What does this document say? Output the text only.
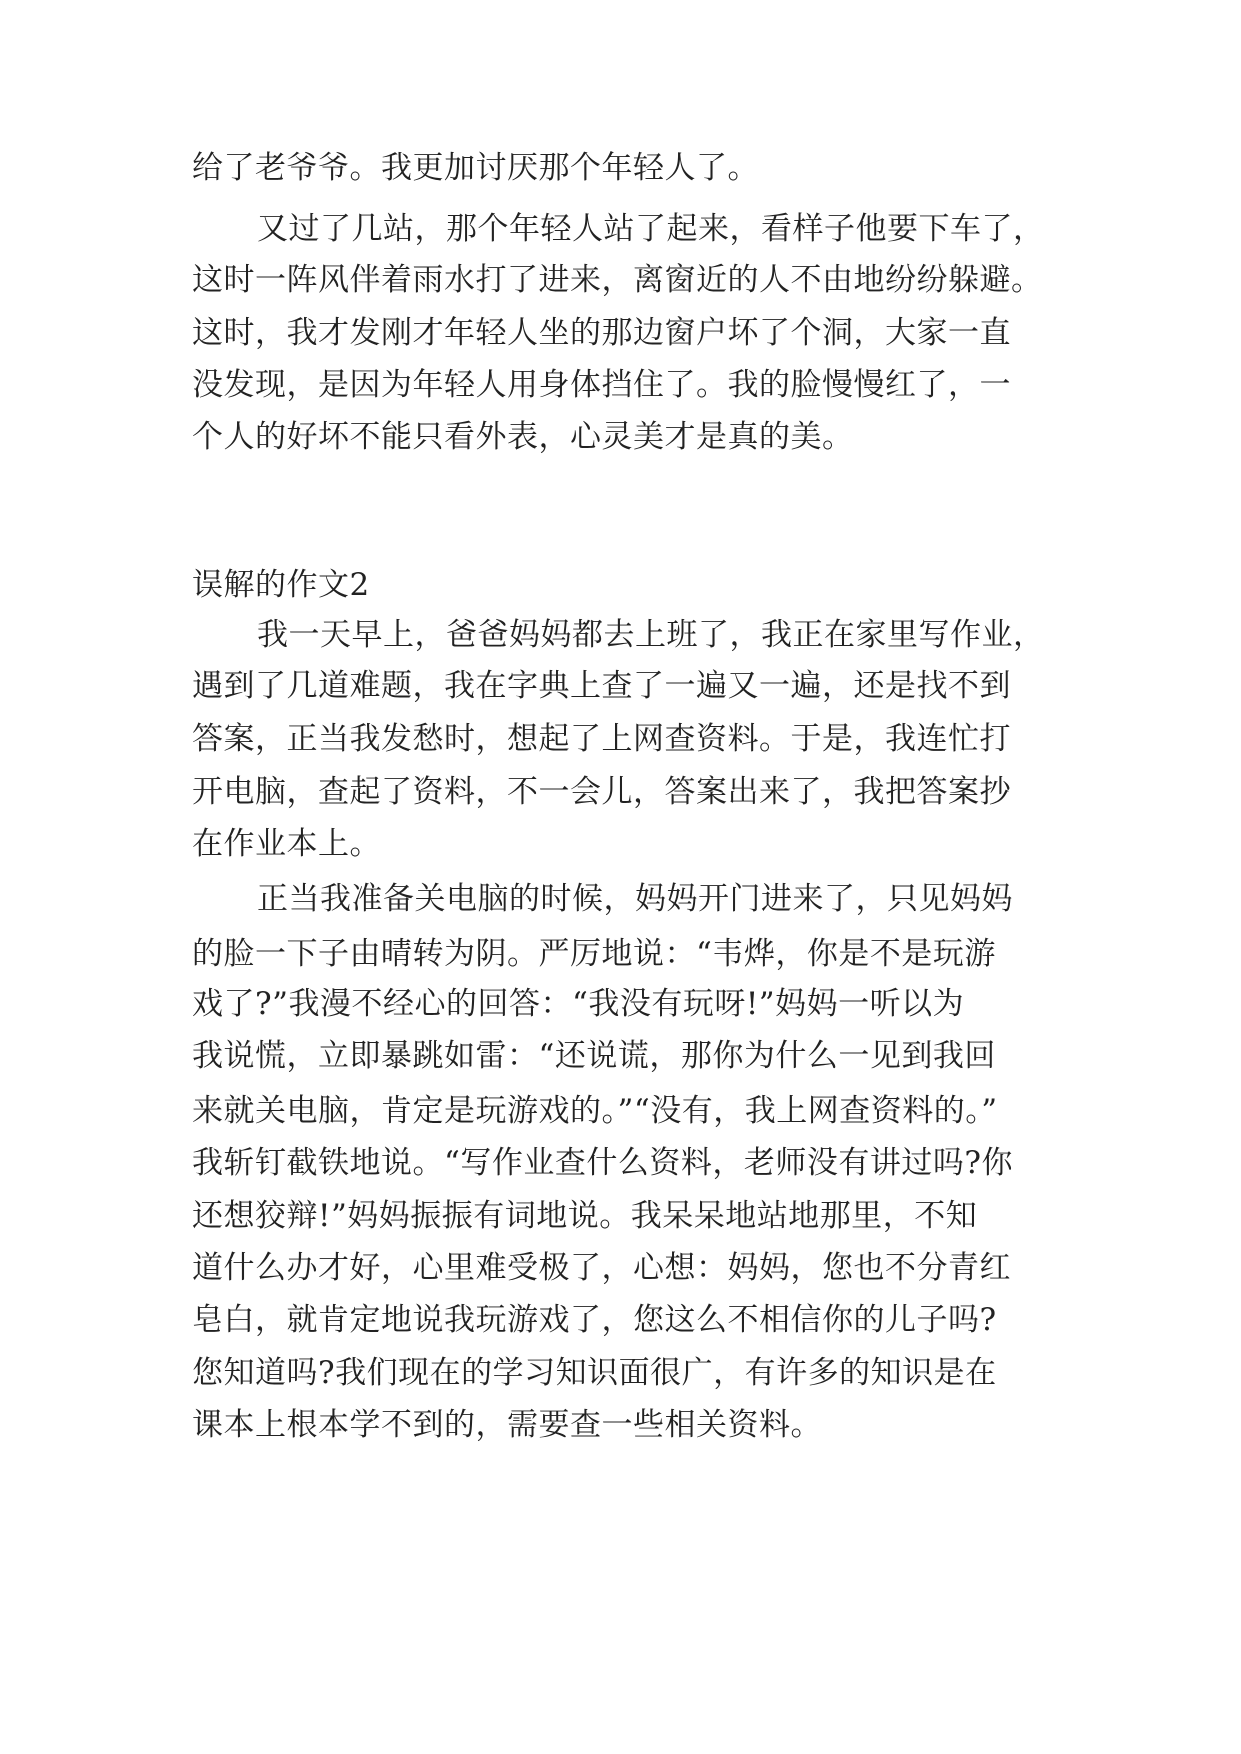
给了老爷爷。我更加讨厌那个年轻人了。
又过了几站，那个年轻人站了起来，看样子他要下车了，
这时一阵风伴着雨水打了进来，离窗近的人不由地纷纷躲避。
这时，我才发刚才年轻人坐的那边窗户坏了个洞，大家一直
没发现，是因为年轻人用身体挡住了。我的脸慢慢红了，一
个人的好坏不能只看外表，心灵美才是真的美。
误解的作文2
我一天早上，爸爸妈妈都去上班了，我正在家里写作业，
遇到了几道难题，我在字典上查了一遍又一遍，还是找不到
答案，正当我发愁时，想起了上网查资料。于是，我连忙打
开电脑，查起了资料，不一会儿，答案出来了，我把答案抄
在作业本上。
正当我准备关电脑的时候，妈妈开门进来了，只见妈妈
的脸一下子由晴转为阴。严厉地说：“韦烨，你是不是玩游
戏了?”我漫不经心的回答：“我没有玩呀!”妈妈一听以为
我说慌，立即暴跳如雷：“还说谎，那你为什么一见到我回
来就关电脑，肯定是玩游戏的。”“没有，我上网查资料的。”
我斩钉截铁地说。“写作业查什么资料，老师没有讲过吗?你
还想狡辩!”妈妈振振有词地说。我呆呆地站地那里，不知
道什么办才好，心里难受极了，心想：妈妈，您也不分青红
皂白，就肯定地说我玩游戏了，您这么不相信你的儿子吗?
您知道吗?我们现在的学习知识面很广，有许多的知识是在
课本上根本学不到的，需要查一些相关资料。
